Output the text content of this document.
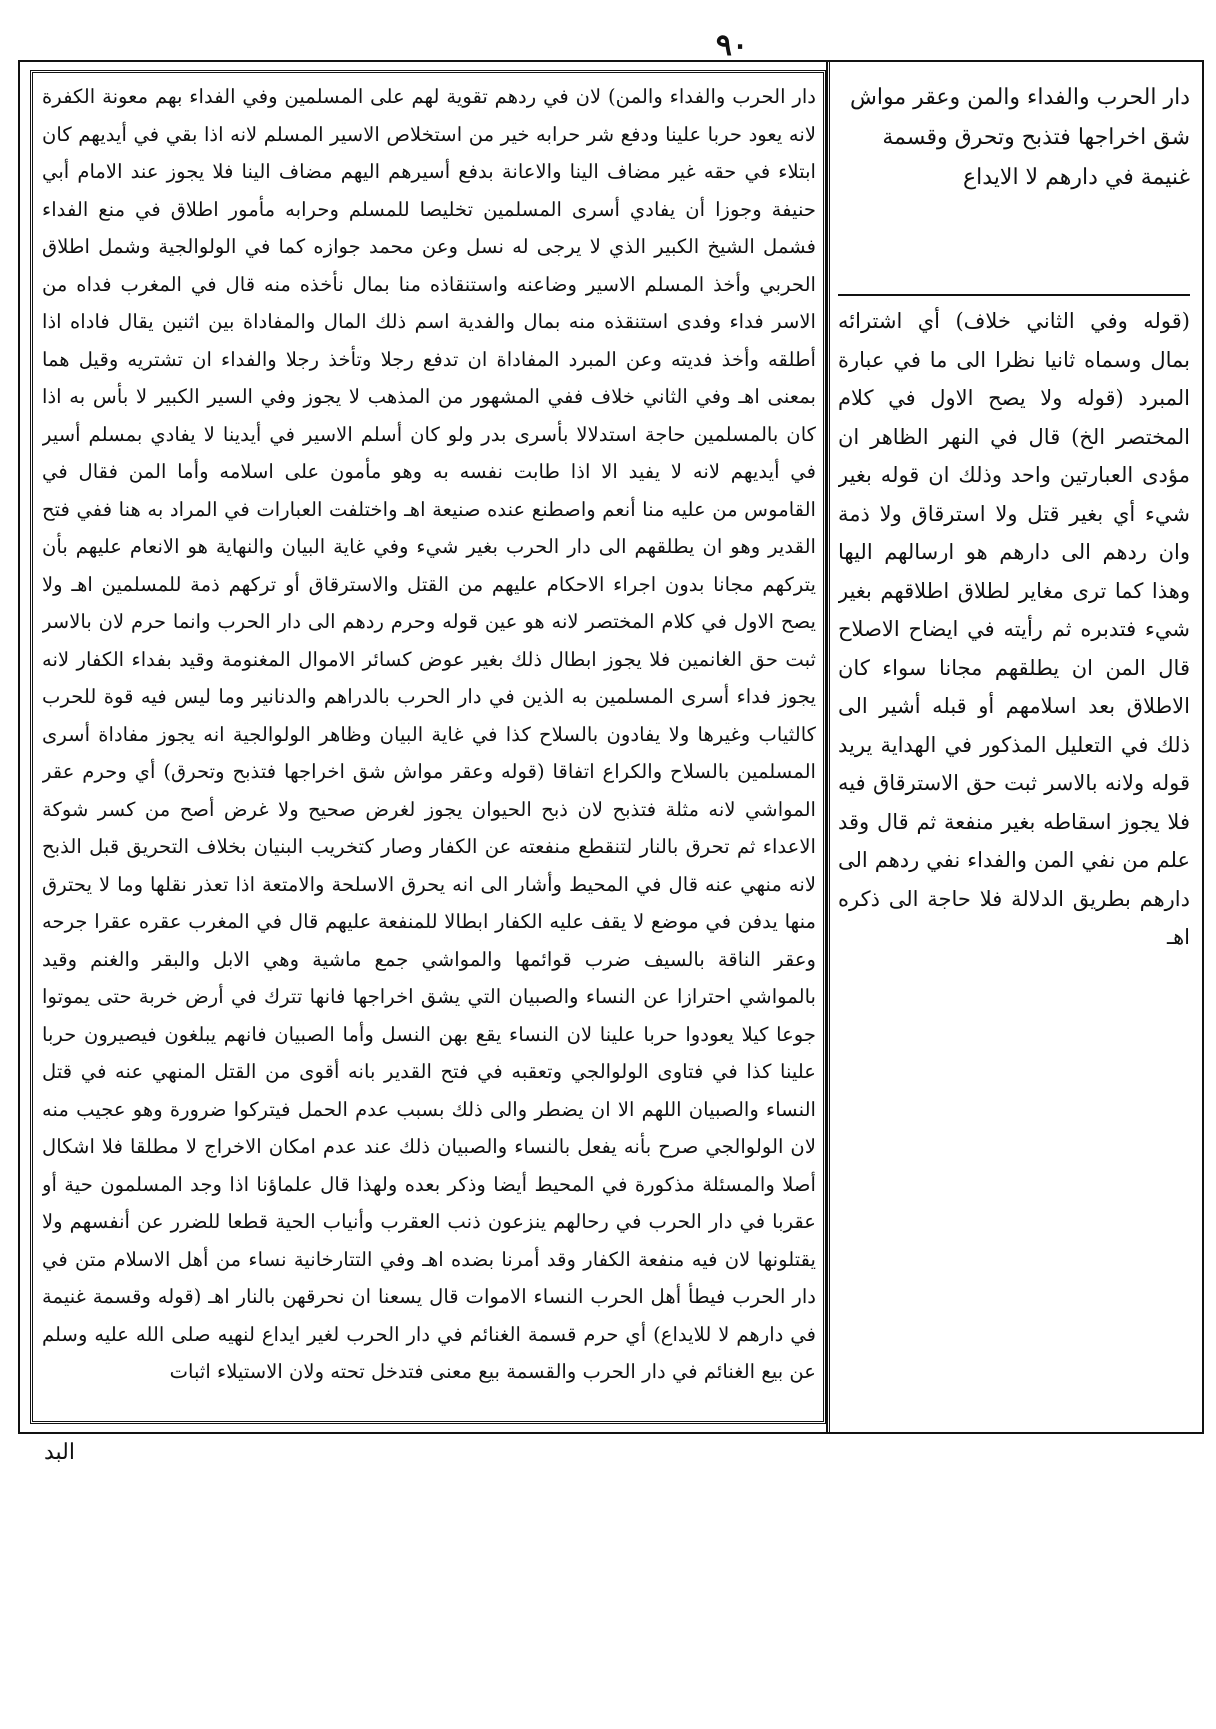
٩٠
دار الحرب والفداء والمن) لان في ردهم تقوية لهم على المسلمين وفي الفداء بهم معونة الكفرة لانه يعود حربا علينا ودفع شر حرابه خير من استخلاص الاسير المسلم لانه اذا بقي في أيديهم كان ابتلاء في حقه غير مضاف الينا والاعانة بدفع أسيرهم اليهم مضاف الينا فلا يجوز عند الامام أبي حنيفة وجوزا أن يفادي أسرى المسلمين تخليصا للمسلم وحرابه مأمور اطلاق في منع الفداء فشمل الشيخ الكبير الذي لا يرجى له نسل وعن محمد جوازه كما في الولوالجية وشمل اطلاق الحربي وأخذ المسلم الاسير وضاعنه واستنقاذه منا بمال نأخذه منه قال في المغرب فداه من الاسر فداء وفدى استنقذه منه بمال والفدية اسم ذلك المال والمفاداة بين اثنين يقال فاداه اذا أطلقه وأخذ فديته وعن المبرد المفاداة ان تدفع رجلا وتأخذ رجلا والفداء ان تشتريه وقيل هما بمعنى اهـ وفي الثاني خلاف ففي المشهور من المذهب لا يجوز وفي السير الكبير لا بأس به اذا كان بالمسلمين حاجة استدلالا بأسرى بدر ولو كان أسلم الاسير في أيدينا لا يفادي بمسلم أسير في أيديهم لانه لا يفيد الا اذا طابت نفسه به وهو مأمون على اسلامه وأما المن فقال في القاموس من عليه منا أنعم واصطنع عنده صنيعة اهـ واختلفت العبارات في المراد به هنا ففي فتح القدير وهو ان يطلقهم الى دار الحرب بغير شيء وفي غاية البيان والنهاية هو الانعام عليهم بأن يتركهم مجانا بدون اجراء الاحكام عليهم من القتل والاسترقاق أو تركهم ذمة للمسلمين اهـ ولا يصح الاول في كلام المختصر لانه هو عين قوله وحرم ردهم الى دار الحرب وانما حرم لان بالاسر ثبت حق الغانمين فلا يجوز ابطال ذلك بغير عوض كسائر الاموال المغنومة وقيد بفداء الكفار لانه يجوز فداء أسرى المسلمين به الذين في دار الحرب بالدراهم والدنانير وما ليس فيه قوة للحرب كالثياب وغيرها ولا يفادون بالسلاح كذا في غاية البيان وظاهر الولوالجية انه يجوز مفاداة أسرى المسلمين بالسلاح والكراع اتفاقا (قوله وعقر مواش شق اخراجها فتذبح وتحرق) أي وحرم عقر المواشي لانه مثلة فتذبح لان ذبح الحيوان يجوز لغرض صحيح ولا غرض أصح من كسر شوكة الاعداء ثم تحرق بالنار لتنقطع منفعته عن الكفار وصار كتخريب البنيان بخلاف التحريق قبل الذبح لانه منهي عنه قال في المحيط وأشار الى انه يحرق الاسلحة والامتعة اذا تعذر نقلها وما لا يحترق منها يدفن في موضع لا يقف عليه الكفار ابطالا للمنفعة عليهم قال في المغرب عقره عقرا جرحه وعقر الناقة بالسيف ضرب قوائمها والمواشي جمع ماشية وهي الابل والبقر والغنم وقيد بالمواشي احترازا عن النساء والصبيان التي يشق اخراجها فانها تترك في أرض خربة حتى يموتوا جوعا كيلا يعودوا حربا علينا لان النساء يقع بهن النسل وأما الصبيان فانهم يبلغون فيصيرون حربا علينا كذا في فتاوى الولوالجي وتعقبه في فتح القدير بانه أقوى من القتل المنهي عنه في قتل النساء والصبيان اللهم الا ان يضطر والى ذلك بسبب عدم الحمل فيتركوا ضرورة وهو عجيب منه لان الولوالجي صرح بأنه يفعل بالنساء والصبيان ذلك عند عدم امكان الاخراج لا مطلقا فلا اشكال أصلا والمسئلة مذكورة في المحيط أيضا وذكر بعده ولهذا قال علماؤنا اذا وجد المسلمون حية أو عقربا في دار الحرب في رحالهم ينزعون ذنب العقرب وأنياب الحية قطعا للضرر عن أنفسهم ولا يقتلونها لان فيه منفعة الكفار وقد أمرنا بضده اهـ وفي التتارخانية نساء من أهل الاسلام متن في دار الحرب فيطأ أهل الحرب النساء الاموات قال يسعنا ان نحرقهن بالنار اهـ (قوله وقسمة غنيمة في دارهم لا للايداع) أي حرم قسمة الغنائم في دار الحرب لغير ايداع لنهيه صلى الله عليه وسلم عن بيع الغنائم في دار الحرب والقسمة بيع معنى فتدخل تحته ولان الاستيلاء اثبات
دار الحرب والفداء والمن وعقر مواش شق اخراجها فتذبح وتحرق وقسمة غنيمة في دارهم لا الايداع
(قوله وفي الثاني خلاف) أي اشترائه بمال وسماه ثانيا نظرا الى ما في عبارة المبرد (قوله ولا يصح الاول في كلام المختصر الخ) قال في النهر الظاهر ان مؤدى العبارتين واحد وذلك ان قوله بغير شيء أي بغير قتل ولا استرقاق ولا ذمة وان ردهم الى دارهم هو ارسالهم اليها وهذا كما ترى مغاير لطلاق اطلاقهم بغير شيء فتدبره ثم رأيته في ايضاح الاصلاح قال المن ان يطلقهم مجانا سواء كان الاطلاق بعد اسلامهم أو قبله أشير الى ذلك في التعليل المذكور في الهداية يريد قوله ولانه بالاسر ثبت حق الاسترقاق فيه فلا يجوز اسقاطه بغير منفعة ثم قال وقد علم من نفي المن والفداء نفي ردهم الى دارهم بطريق الدلالة فلا حاجة الى ذكره اهـ
البد
